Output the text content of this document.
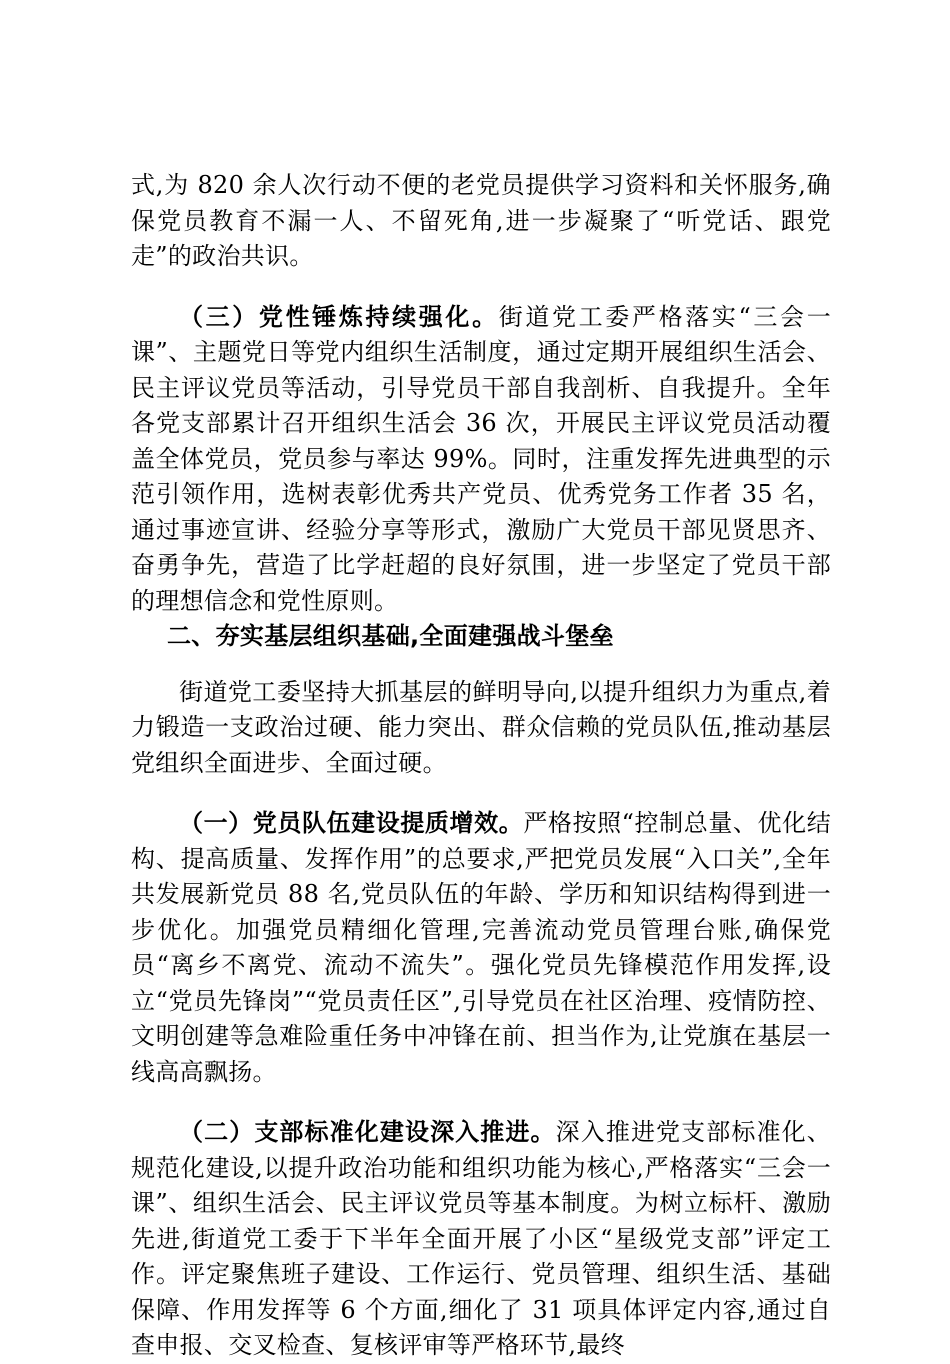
式,为 820 余人次行动不便的老党员提供学习资料和关怀服务,确保党员教育不漏一人、不留死角,进一步凝聚了“听党话、跟党走”的政治共识。

（三）党性锤炼持续强化。街道党工委严格落实“三会一课”、主题党日等党内组织生活制度，通过定期开展组织生活会、民主评议党员等活动，引导党员干部自我剖析、自我提升。全年各党支部累计召开组织生活会 36 次，开展民主评议党员活动覆盖全体党员，党员参与率达 99%。同时，注重发挥先进典型的示范引领作用，选树表彰优秀共产党员、优秀党务工作者 35 名，通过事迹宣讲、经验分享等形式，激励广大党员干部见贤思齐、奋勇争先，营造了比学赶超的良好氛围，进一步坚定了党员干部的理想信念和党性原则。

二、夯实基层组织基础,全面建强战斗堡垒

街道党工委坚持大抓基层的鲜明导向,以提升组织力为重点,着力锻造一支政治过硬、能力突出、群众信赖的党员队伍,推动基层党组织全面进步、全面过硬。

（一）党员队伍建设提质增效。严格按照“控制总量、优化结构、提高质量、发挥作用”的总要求,严把党员发展“入口关”,全年共发展新党员 88 名,党员队伍的年龄、学历和知识结构得到进一步优化。加强党员精细化管理,完善流动党员管理台账,确保党员“离乡不离党、流动不流失”。强化党员先锋模范作用发挥,设立“党员先锋岗”“党员责任区”,引导党员在社区治理、疫情防控、文明创建等急难险重任务中冲锋在前、担当作为,让党旗在基层一线高高飘扬。

（二）支部标准化建设深入推进。深入推进党支部标准化、规范化建设,以提升政治功能和组织功能为核心,严格落实“三会一课”、组织生活会、民主评议党员等基本制度。为树立标杆、激励先进,街道党工委于下半年全面开展了小区“星级党支部”评定工作。评定聚焦班子建设、工作运行、党员管理、组织生活、基础保障、作用发挥等 6 个方面,细化了 31 项具体评定内容,通过自查申报、交叉检查、复核评审等严格环节,最终
